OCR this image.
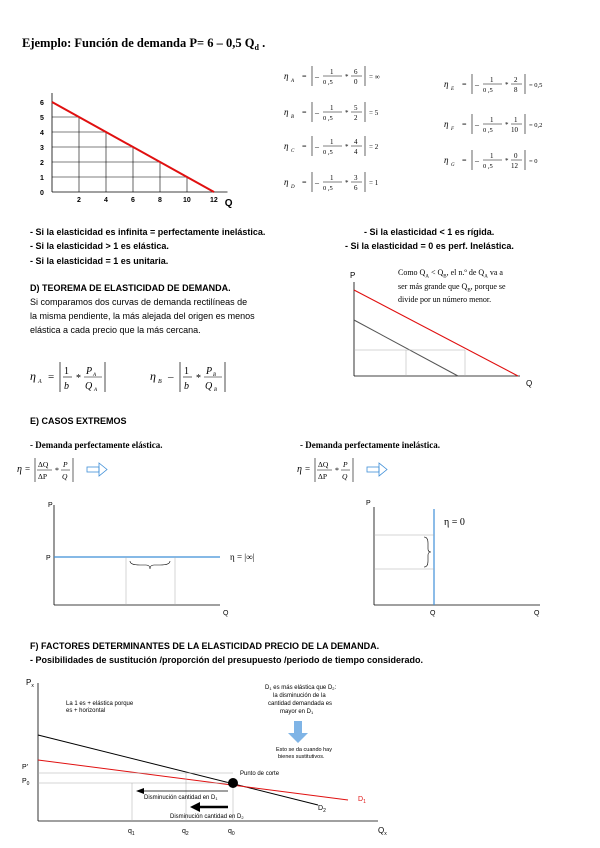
Ejemplo: Función de demanda P= 6 – 0,5 $Q_d$ .
6
5
4
3
2
1
0
2	4	6	8	10	12 Q
η
A
= – 1
0 ,5
*
6
0
= ∞
η
B
= – 1
0 ,5
*
5
2
= 5
η
C
= – 1
0 ,5
*
4
4
= 2
η
D
= – 1
0 ,5
*
3
6
= 1
η
E
= – 1
0 ,5
*
2
8
= 0,5
η
F
= – 1
0 ,5
*
1
10
= 0,2
η
G
= – 1
0 ,5
*
0
12
= 0
- Si la elasticidad es infinita = perfectamente inelástica.	- Si la elasticidad < 1 es rígida.
- Si la elasticidad > 1 es elástica.	- Si la elasticidad = 0 es perf. Inelástica.
- Si la elasticidad = 1 es unitaria.
D) TEOREMA DE ELASTICIDAD DE DEMANDA.
Si comparamos dos curvas de demanda rectilíneas de
la misma pendiente, la más alejada del origen es menos
elástica a cada precio que la más cercana.
η A = 1
b
*
P A
Q A
η B – 1
b
*
P B
Q B
Como $Q_A < Q_B$, el n.º de $Q_A$ va a
ser más grande que $Q_B$, porque se
divide por un número menor.
P
Q
E) CASOS EXTREMOS
- Demanda perfectamente elástica.	- Demanda perfectamente inelástica.
η = ΔQ
ΔP
*
P
Q
η = ΔQ
ΔP
*
P
Q
P
P	η = |∞|
Q
P
η = 0
Q	Q
F) FACTORES DETERMINANTES DE LA ELASTICIDAD PRECIO DE LA DEMANDA.
- Posibilidades de sustitución /proporción del presupuesto /periodo de tiempo considerado.
$P_x$
La 1 es + elástica porque
es + horizontal
P'
$P_0$
Punto de corte
Disminución cantidad en D1
Disminución cantidad en D2
$D_2$
$D_1$
$q_1$	$q_2$	$q_0$	$Q_x$
D1 es más elástica que D2:
la disminución de la
cantidad demandada es
mayor en D1
Esto se da cuando hay
bienes sustitutivos.
